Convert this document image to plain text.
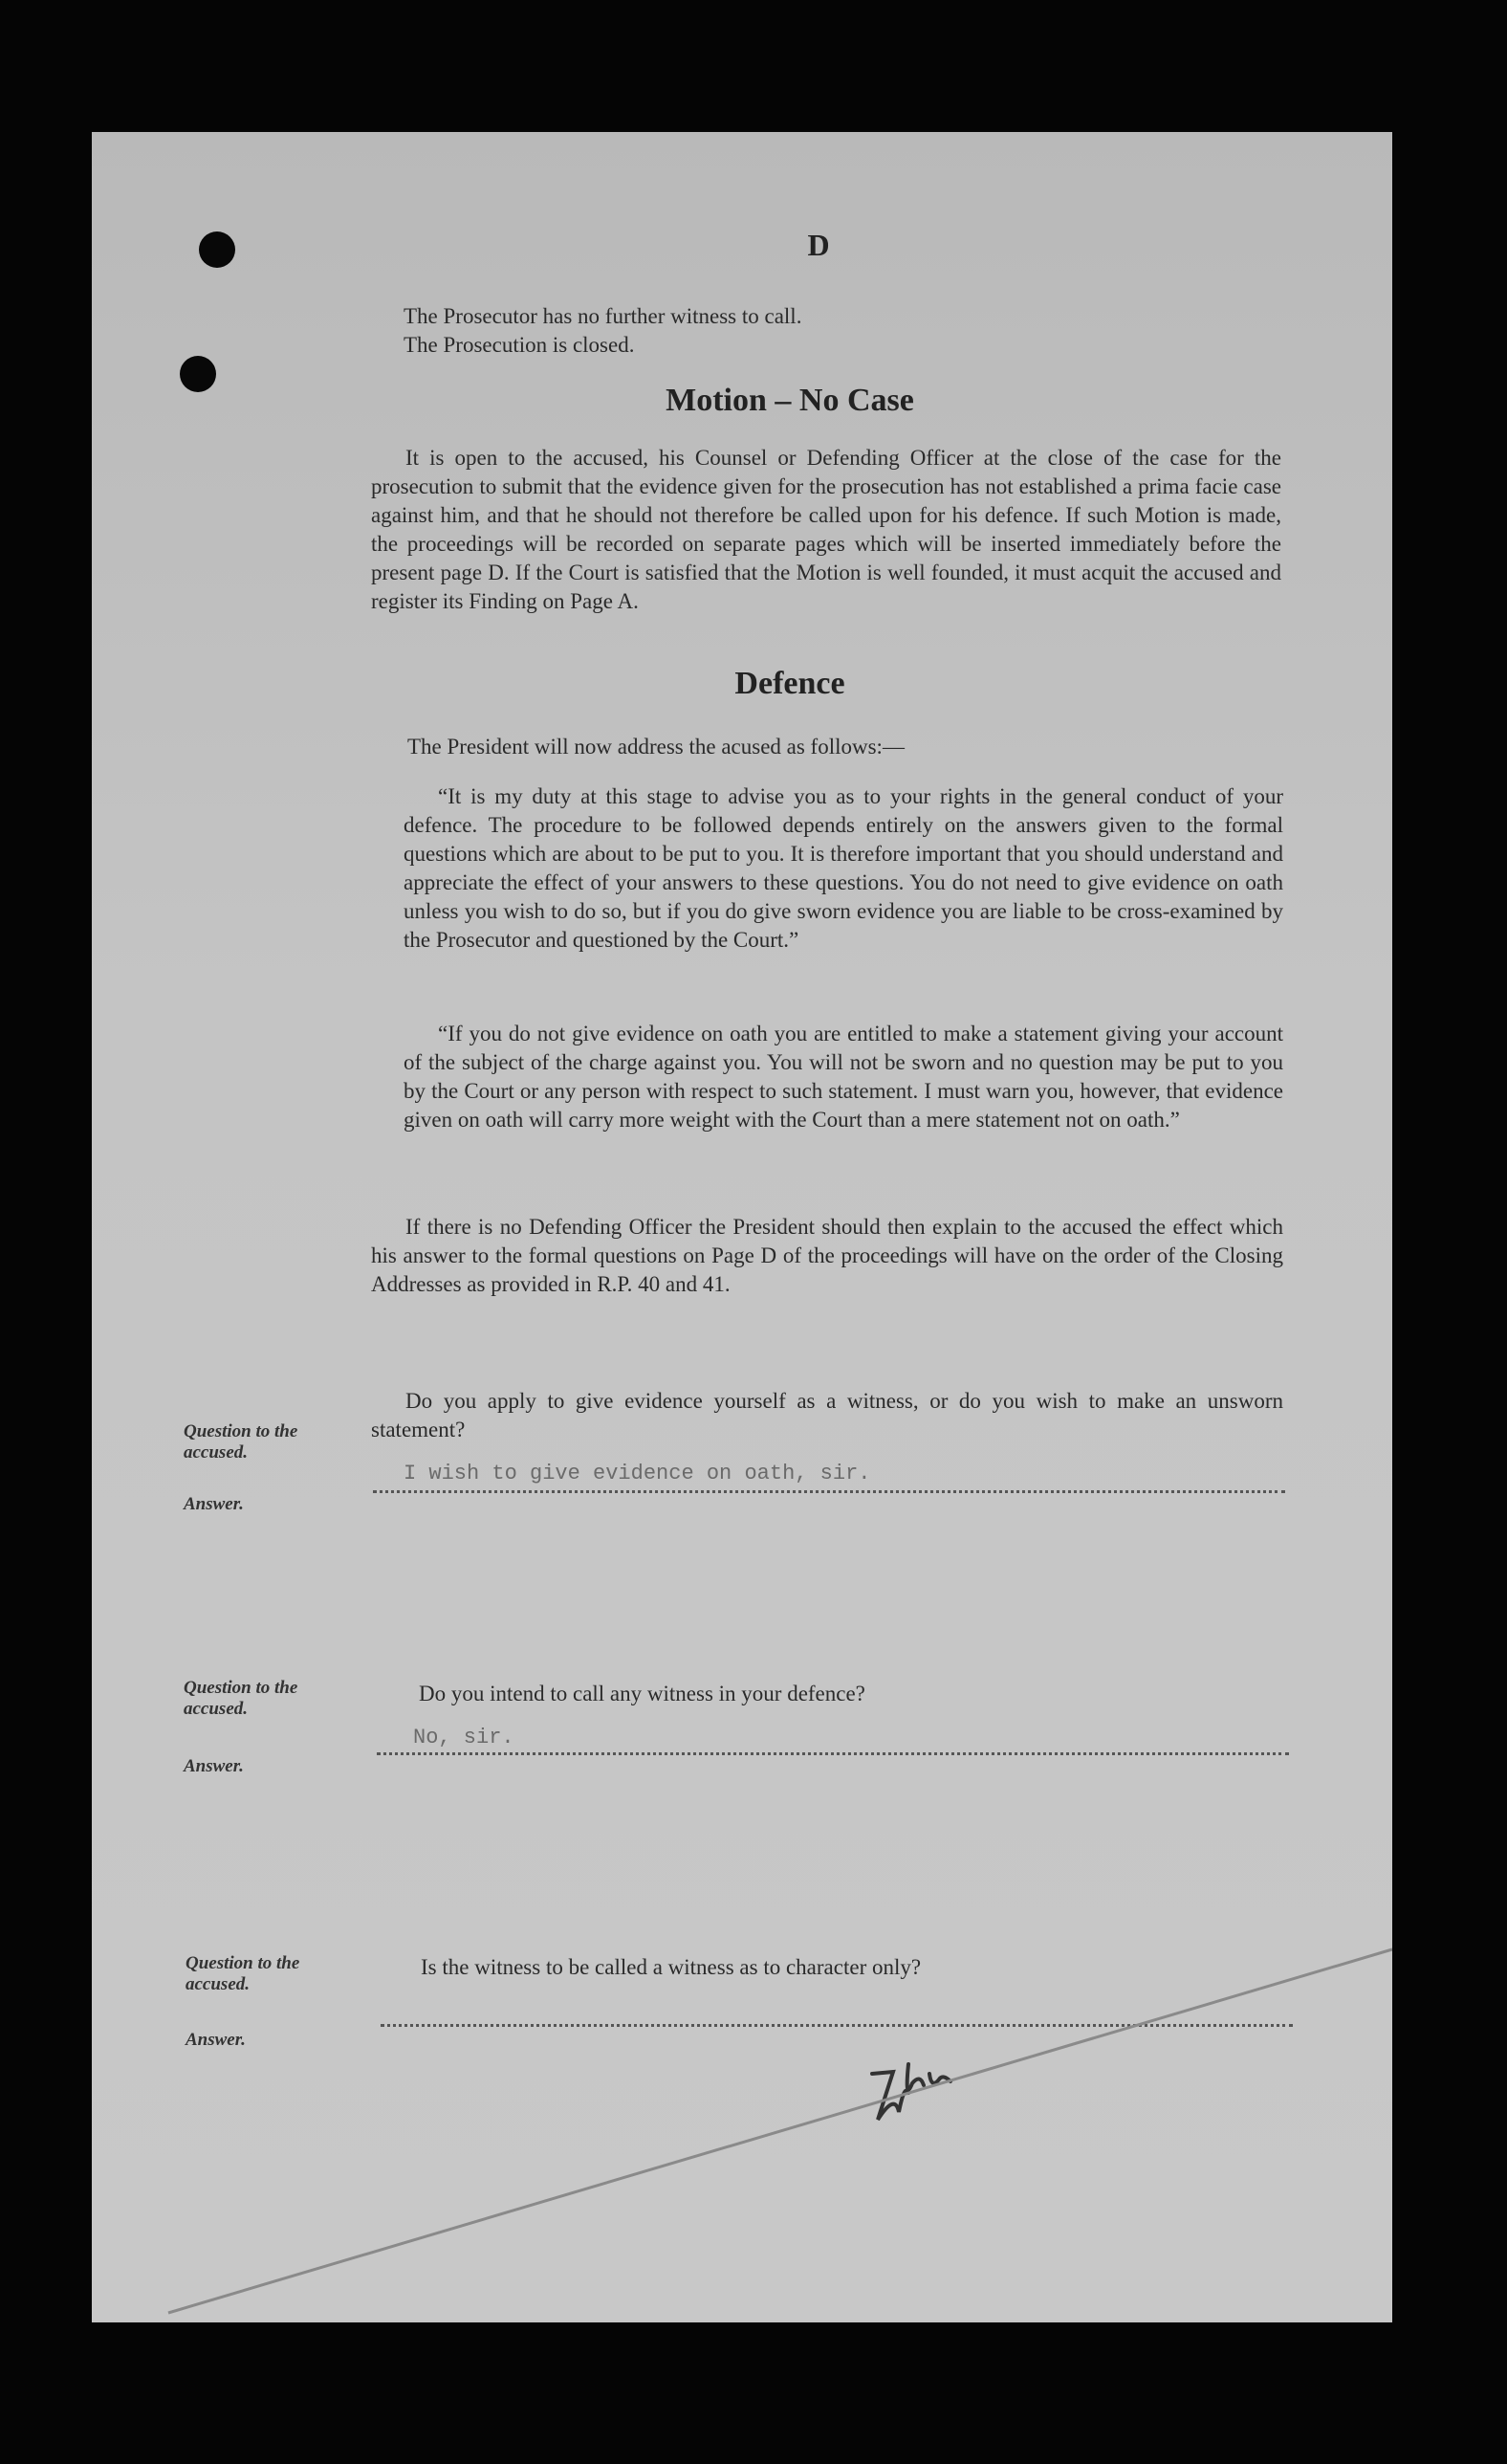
D
The Prosecutor has no further witness to call.
The Prosecution is closed.
Motion – No Case
It is open to the accused, his Counsel or Defending Officer at the close of the case for the prosecution to submit that the evidence given for the prosecution has not established a prima facie case against him, and that he should not therefore be called upon for his defence. If such Motion is made, the proceedings will be recorded on separate pages which will be inserted immediately before the present page D. If the Court is satisfied that the Motion is well founded, it must acquit the accused and register its Finding on Page A.
Defence
The President will now address the acused as follows:—
“It is my duty at this stage to advise you as to your rights in the general conduct of your defence. The procedure to be followed depends entirely on the answers given to the formal questions which are about to be put to you. It is therefore important that you should understand and appreciate the effect of your answers to these questions. You do not need to give evidence on oath unless you wish to do so, but if you do give sworn evidence you are liable to be cross-examined by the Prosecutor and questioned by the Court.”
“If you do not give evidence on oath you are entitled to make a statement giving your account of the subject of the charge against you. You will not be sworn and no question may be put to you by the Court or any person with respect to such statement. I must warn you, however, that evidence given on oath will carry more weight with the Court than a mere statement not on oath.”
If there is no Defending Officer the President should then explain to the accused the effect which his answer to the formal questions on Page D of the proceedings will have on the order of the Closing Addresses as provided in R.P. 40 and 41.
Question to the accused.
Answer.
Do you apply to give evidence yourself as a witness, or do you wish to make an unsworn statement?
I wish to give evidence on oath, sir.
Question to the accused.
Answer.
Do you intend to call any witness in your defence?
No, sir.
Question to the accused.
Answer.
Is the witness to be called a witness as to character only?
